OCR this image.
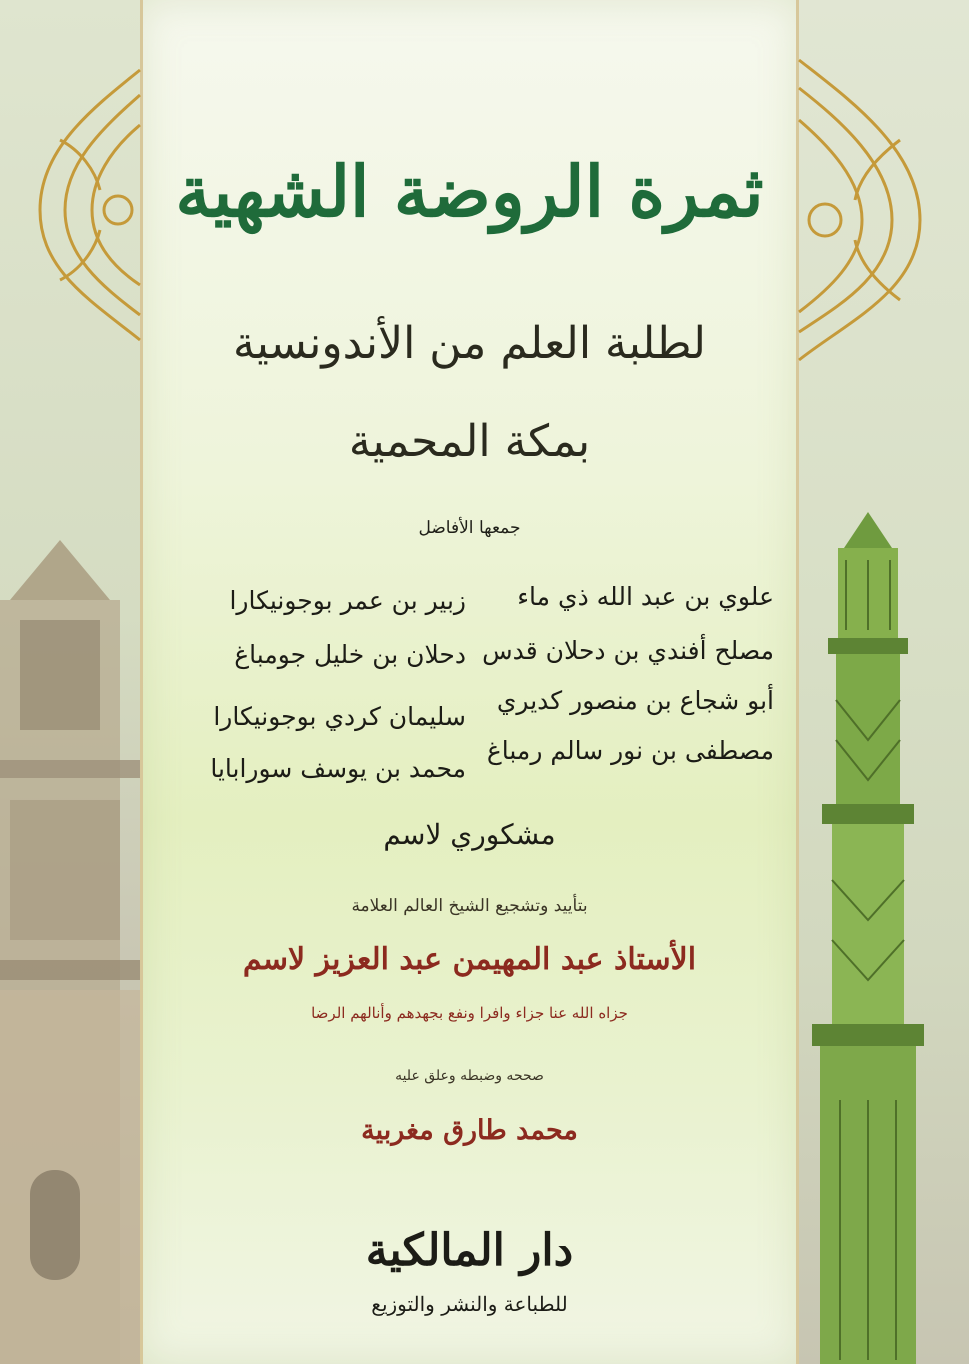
ثمرة الروضة الشهية
لطلبة العلم من الأندونسية
بمكة المحمية
جمعها الأفاضل
علوي بن عبد الله ذي ماء
مصلح أفندي بن دحلان قدس
أبو شجاع بن منصور كديري
مصطفى بن نور سالم رمباغ
زبير بن عمر بوجونيكارا
دحلان بن خليل جومباغ
سليمان كردي بوجونيكارا
محمد بن يوسف سورابايا
مشكوري لاسم
بتأييد وتشجيع الشيخ العالم العلامة
الأستاذ عبد المهيمن عبد العزيز لاسم
جزاه الله عنا جزاء وافرا ونفع بجهدهم وأنالهم الرضا
صححه وضبطه وعلق عليه
محمد طارق مغربية
دار المالكية
للطباعة والنشر والتوزيع
